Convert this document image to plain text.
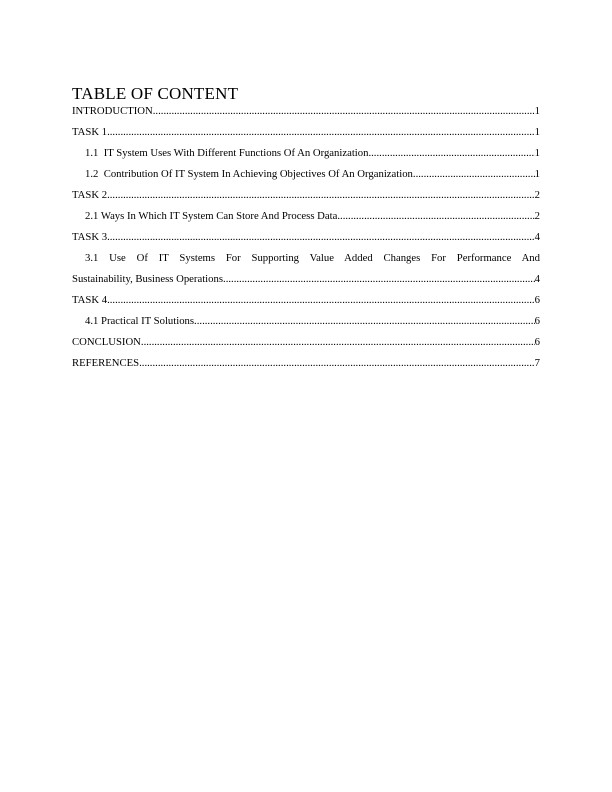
TABLE OF CONTENT
INTRODUCTION .....	1
TASK 1 .....	1
1.1  IT System Uses With Different Functions Of An Organization .....	1
1.2  Contribution Of IT System In Achieving Objectives Of An Organization .....	1
TASK 2 .....	2
2.1 Ways In Which IT System Can Store And Process Data .....	2
TASK 3 .....	4
3.1 Use Of IT Systems For Supporting Value Added Changes For Performance And
Sustainability, Business Operations .....	4
TASK 4 .....	6
4.1 Practical IT Solutions .....	6
CONCLUSION .....	6
REFERENCES .....	7
